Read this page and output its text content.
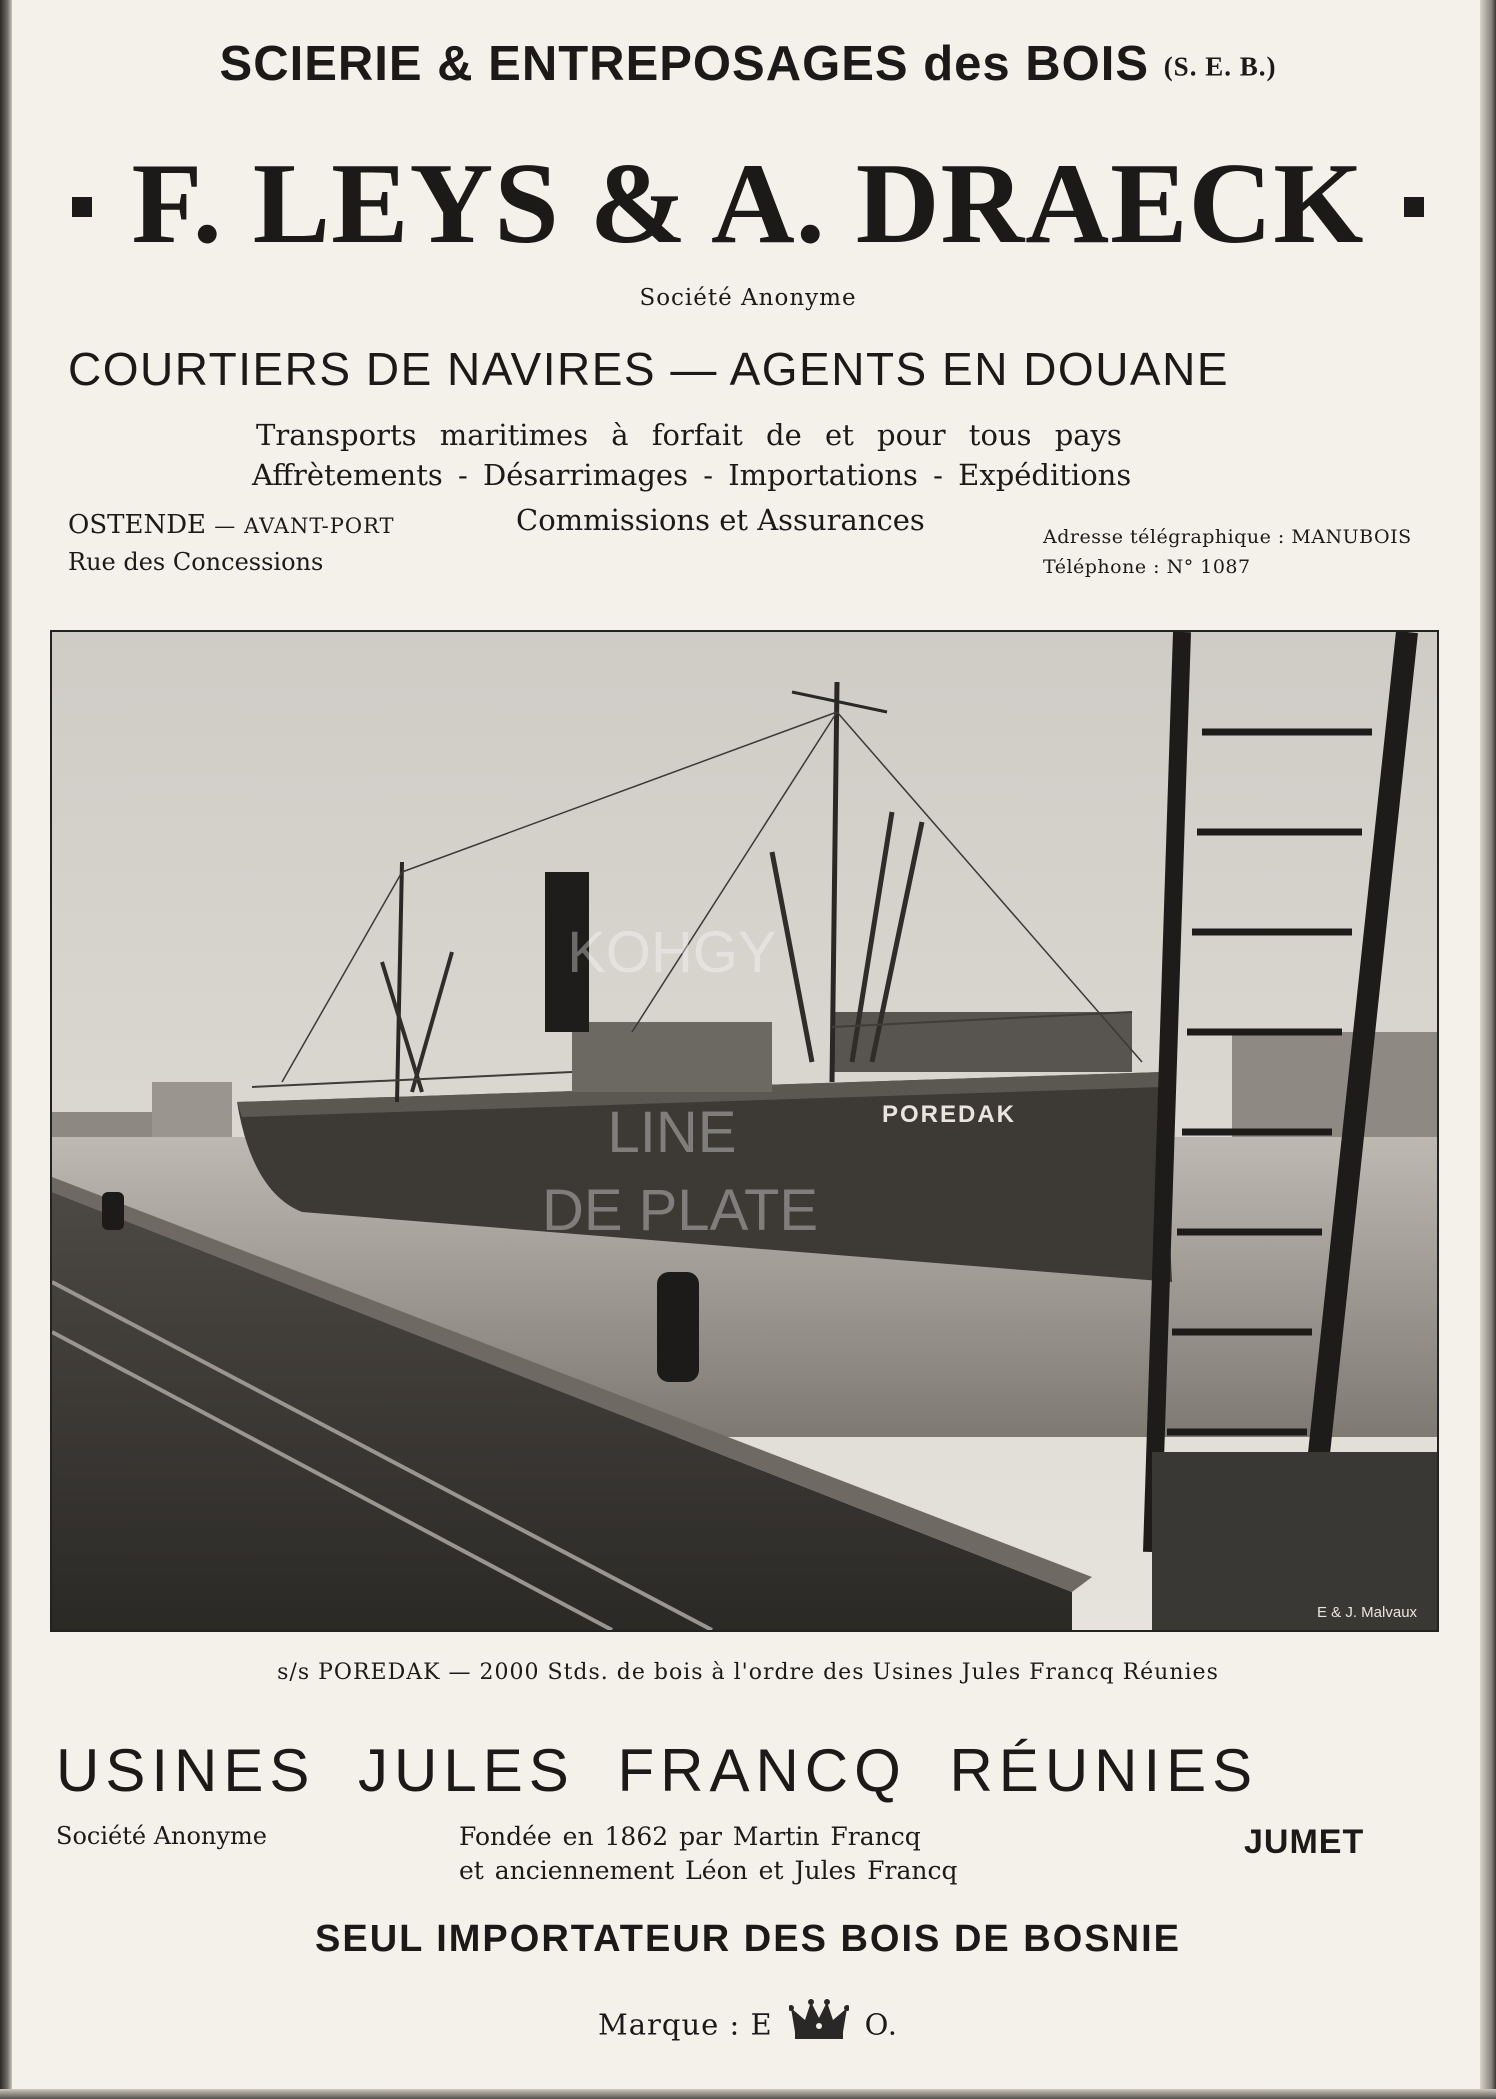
SCIERIE & ENTREPOSAGES des BOIS (S. E. B.)
F. LEYS & A. DRAECK
Société Anonyme
COURTIERS DE NAVIRES — AGENTS EN DOUANE
Transports maritimes à forfait de et pour tous pays
Affrètements - Désarrimages - Importations - Expéditions
Commissions et Assurances
OSTENDE — AVANT-PORT
Rue des Concessions
Adresse télégraphique : MANUBOIS
Téléphone : N° 1087
POREDAK
KOHGY
LINE
DE PLATE
E & J. Malvaux
s/s POREDAK — 2000 Stds. de bois à l'ordre des Usines Jules Francq Réunies
USINES JULES FRANCQ RÉUNIES
Société Anonyme	Fondée en 1862 par Martin Francq
et anciennement Léon et Jules Francq
JUMET
SEUL IMPORTATEUR DES BOIS DE BOSNIE
Marque : E	O.
